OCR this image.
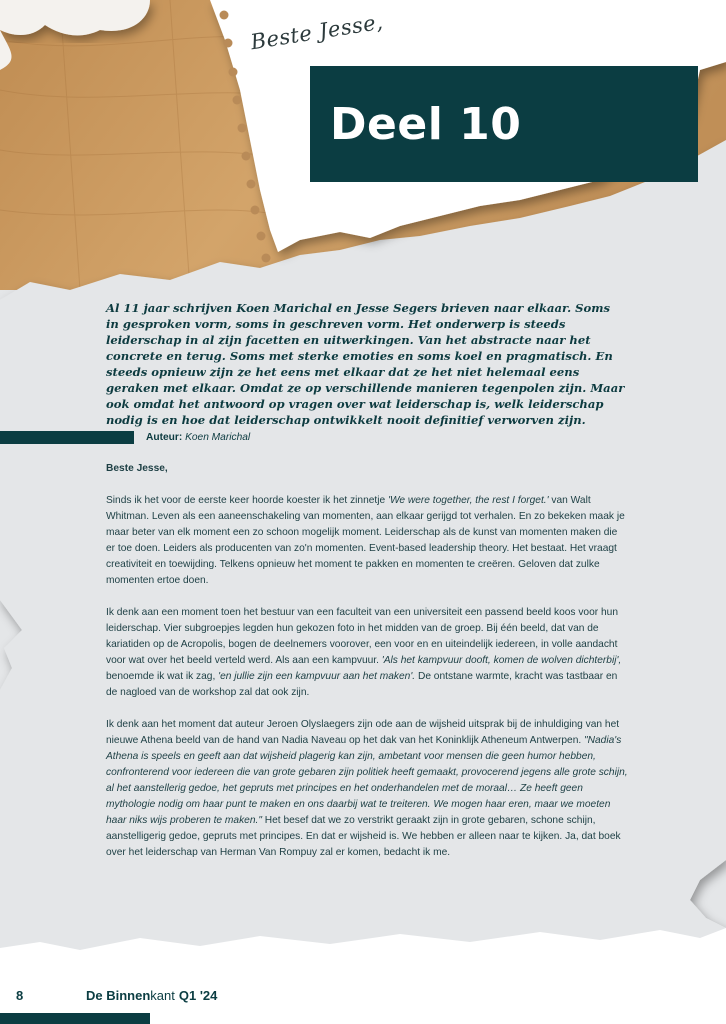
Beste Jesse,
Deel 10
Al 11 jaar schrijven Koen Marichal en Jesse Segers brieven naar elkaar. Soms in gesproken vorm, soms in geschreven vorm. Het onderwerp is steeds leiderschap in al zijn facetten en uitwerkingen. Van het abstracte naar het concrete en terug. Soms met sterke emoties en soms koel en pragmatisch. En steeds opnieuw zijn ze het eens met elkaar dat ze het niet helemaal eens geraken met elkaar. Omdat ze op verschillende manieren tegenpolen zijn. Maar ook omdat het antwoord op vragen over wat leiderschap is, welk leiderschap nodig is en hoe dat leiderschap ontwikkelt nooit definitief verworven zijn.
Auteur: Koen Marichal
Beste Jesse,

Sinds ik het voor de eerste keer hoorde koester ik het zinnetje 'We were together, the rest I forget.' van Walt Whitman. Leven als een aaneenschakeling van momenten, aan elkaar gerijgd tot verhalen. En zo bekeken maak je maar beter van elk moment een zo schoon mogelijk moment. Leiderschap als de kunst van momenten maken die er toe doen. Leiders als producenten van zo'n momenten. Event-based leadership theory. Het bestaat. Het vraagt creativiteit en toewijding. Telkens opnieuw het moment te pakken en momenten te creëren. Geloven dat zulke momenten ertoe doen.

Ik denk aan een moment toen het bestuur van een faculteit van een universiteit een passend beeld koos voor hun leiderschap. Vier subgroepjes legden hun gekozen foto in het midden van de groep. Bij één beeld, dat van de kariatiden op de Acropolis, bogen de deelnemers voorover, een voor en en uiteindelijk iedereen, in volle aandacht voor wat over het beeld verteld werd. Als aan een kampvuur. 'Als het kampvuur dooft, komen de wolven dichterbij', benoemde ik wat ik zag, 'en jullie zijn een kampvuur aan het maken'. De ontstane warmte, kracht was tastbaar en de nagloed van de workshop zal dat ook zijn.

Ik denk aan het moment dat auteur Jeroen Olyslaegers zijn ode aan de wijsheid uitsprak bij de inhuldiging van het nieuwe Athena beeld van de hand van Nadia Naveau op het dak van het Koninklijk Atheneum Antwerpen. "Nadia's Athena is speels en geeft aan dat wijsheid plagerig kan zijn, ambetant voor mensen die geen humor hebben, confronterend voor iedereen die van grote gebaren zijn politiek heeft gemaakt, provocerend jegens alle grote schijn, al het aanstellerig gedoe, het gepruts met principes en het onderhandelen met de moraal… Ze heeft geen mythologie nodig om haar punt te maken en ons daarbij wat te treiteren. We mogen haar eren, maar we moeten haar niks wijs proberen te maken." Het besef dat we zo verstrikt geraakt zijn in grote gebaren, schone schijn, aanstelligerig gedoe, gepruts met principes. En dat er wijsheid is. We hebben er alleen naar te kijken. Ja, dat boek over het leiderschap van Herman Van Rompuy zal er komen, bedacht ik me.

8	De Binnenkant Q1 '24
